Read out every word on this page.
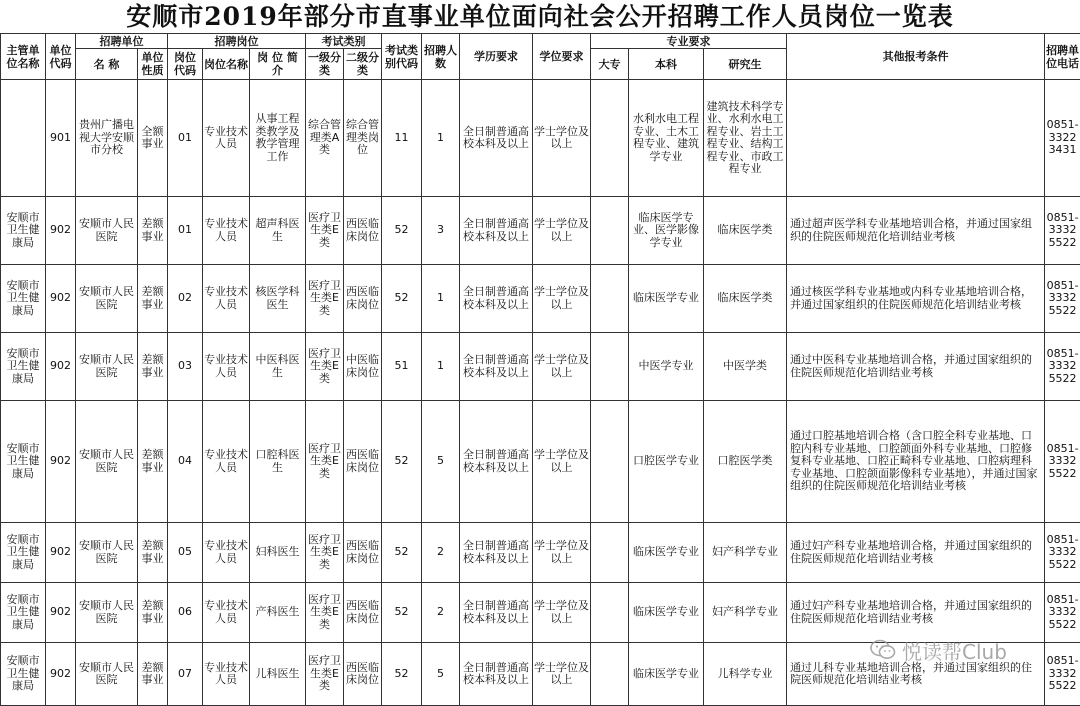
安顺市2019年部分市直事业单位面向社会公开招聘工作人员岗位一览表
主管单位名称	单位代码	招聘单位		招聘岗位			考试类别		考试类别代码	招聘人数	学历要求	学位要求	专业要求			其他报考条件	招聘单位电话
		名 称	单位性质	岗位代码	岗位名称	岗 位 简 介	一级分类	二级分类					大专	本科	研究生		
	901	贵州广播电视大学安顺市分校	全额事业	01	专业技术人员	从事工程类教学及教学管理工作	综合管理类A类	综合管理类岗位	11	1	全日制普通高校本科及以上	学士学位及以上		水利水电工程专业、土木工程专业、建筑学专业	建筑技术科学专业、水利水电工程专业、岩土工程专业、结构工程专业、市政工程专业		0851-33223431
安顺市卫生健康局	902	安顺市人民医院	差额事业	01	专业技术人员	超声科医生	医疗卫生类E类	西医临床岗位	52	3	全日制普通高校本科及以上	学士学位及以上		临床医学专业、医学影像学专业	临床医学类	通过超声医学科专业基地培训合格，并通过国家组织的住院医师规范化培训结业考核	0851-33325522
安顺市卫生健康局	902	安顺市人民医院	差额事业	02	专业技术人员	核医学科医生	医疗卫生类E类	西医临床岗位	52	1	全日制普通高校本科及以上	学士学位及以上		临床医学专业	临床医学类	通过核医学科专业基地或内科专业基地培训合格，并通过国家组织的住院医师规范化培训结业考核	0851-33325522
安顺市卫生健康局	902	安顺市人民医院	差额事业	03	专业技术人员	中医科医生	医疗卫生类E类	中医临床岗位	51	1	全日制普通高校本科及以上	学士学位及以上		中医学专业	中医学类	通过中医科专业基地培训合格，并通过国家组织的住院医师规范化培训结业考核	0851-33325522
安顺市卫生健康局	902	安顺市人民医院	差额事业	04	专业技术人员	口腔科医生	医疗卫生类E类	西医临床岗位	52	5	全日制普通高校本科及以上	学士学位及以上		口腔医学专业	口腔医学类	通过口腔基地培训合格（含口腔全科专业基地、口腔内科专业基地、口腔颌面外科专业基地、口腔修复科专业基地、口腔正畸科专业基地、口腔病理科专业基地、口腔颌面影像科专业基地），并通过国家组织的住院医师规范化培训结业考核	0851-33325522
安顺市卫生健康局	902	安顺市人民医院	差额事业	05	专业技术人员	妇科医生	医疗卫生类E类	西医临床岗位	52	2	全日制普通高校本科及以上	学士学位及以上		临床医学专业	妇产科学专业	通过妇产科专业基地培训合格，并通过国家组织的住院医师规范化培训结业考核	0851-33325522
安顺市卫生健康局	902	安顺市人民医院	差额事业	06	专业技术人员	产科医生	医疗卫生类E类	西医临床岗位	52	2	全日制普通高校本科及以上	学士学位及以上		临床医学专业	妇产科学专业	通过妇产科专业基地培训合格，并通过国家组织的住院医师规范化培训结业考核	0851-33325522
安顺市卫生健康局	902	安顺市人民医院	差额事业	07	专业技术人员	儿科医生	医疗卫生类E类	西医临床岗位	52	5	全日制普通高校本科及以上	学士学位及以上		临床医学专业	儿科学专业	通过儿科专业基地培训合格，并通过国家组织的住院医师规范化培训结业考核	0851-33325522
悦读帮Club
